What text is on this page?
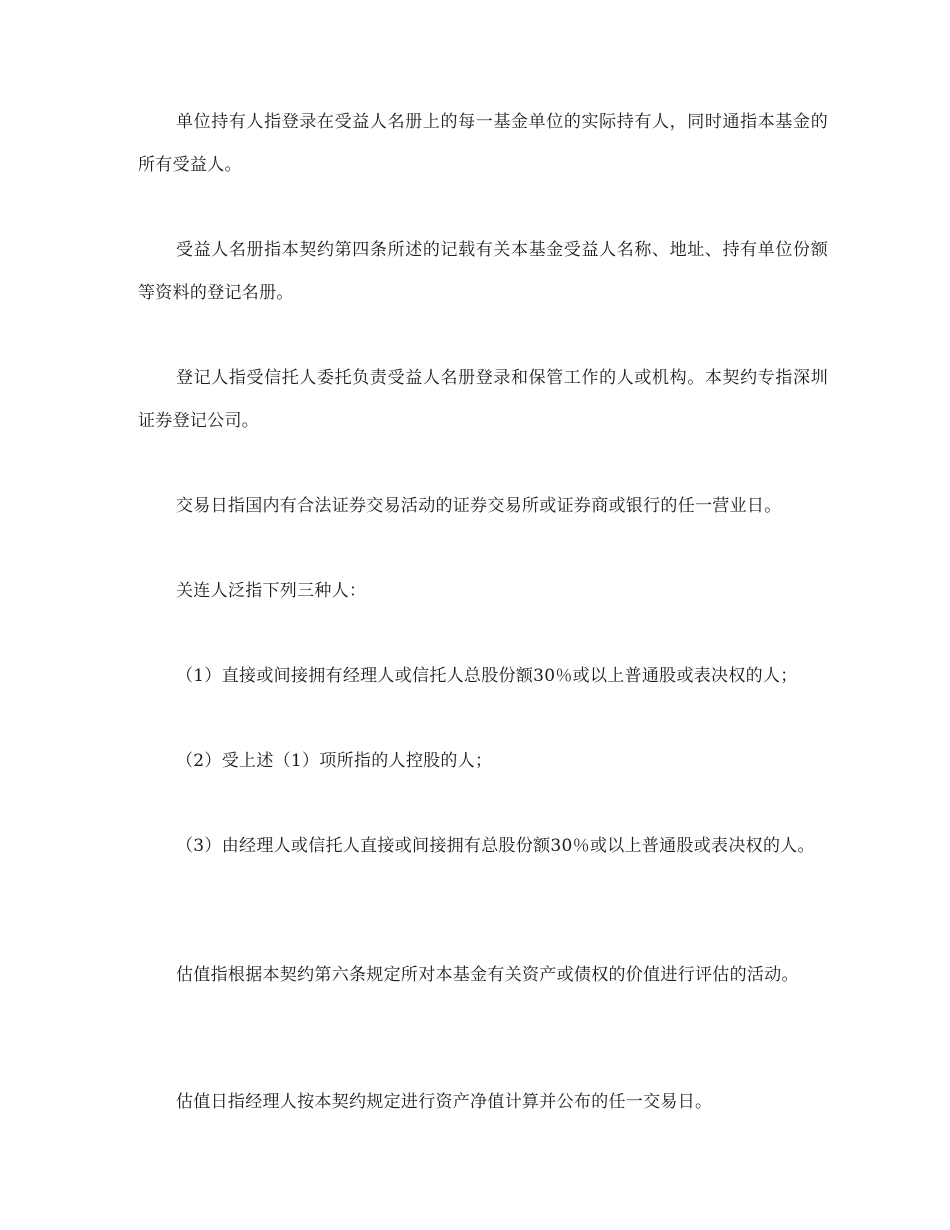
单位持有人指登录在受益人名册上的每一基金单位的实际持有人，同时通指本基金的所有受益人。

受益人名册指本契约第四条所述的记载有关本基金受益人名称、地址、持有单位份额等资料的登记名册。

登记人指受信托人委托负责受益人名册登录和保管工作的人或机构。本契约专指深圳证券登记公司。

交易日指国内有合法证券交易活动的证券交易所或证券商或银行的任一营业日。

关连人泛指下列三种人：

（1）直接或间接拥有经理人或信托人总股份额30％或以上普通股或表决权的人；

（2）受上述（1）项所指的人控股的人；

（3）由经理人或信托人直接或间接拥有总股份额30％或以上普通股或表决权的人。

估值指根据本契约第六条规定所对本基金有关资产或债权的价值进行评估的活动。

估值日指经理人按本契约规定进行资产净值计算并公布的任一交易日。
